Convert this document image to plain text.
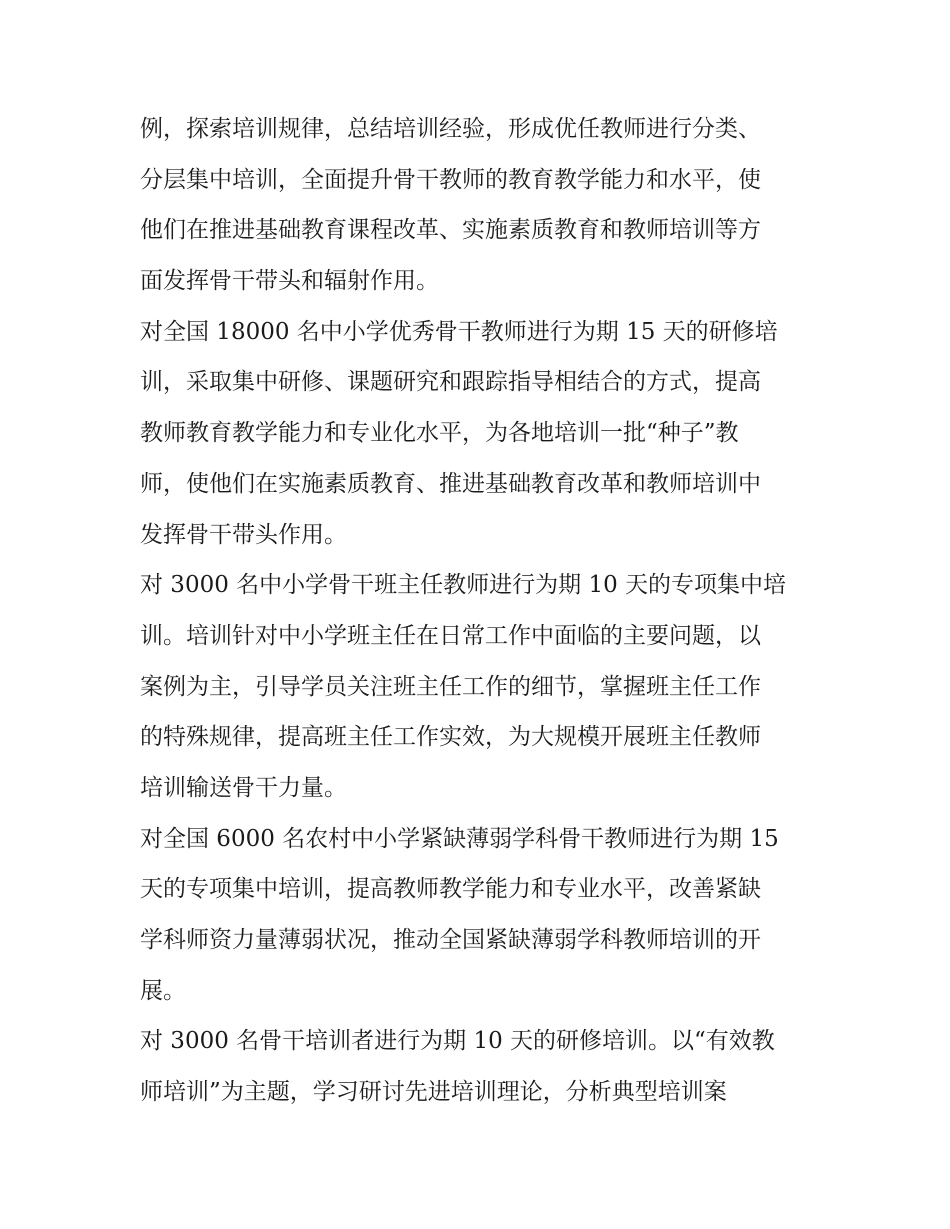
例，探索培训规律，总结培训经验，形成优任教师进行分类、
分层集中培训，全面提升骨干教师的教育教学能力和水平，使
他们在推进基础教育课程改革、实施素质教育和教师培训等方
面发挥骨干带头和辐射作用。

对全国 18000 名中小学优秀骨干教师进行为期 15 天的研修培
训，采取集中研修、课题研究和跟踪指导相结合的方式，提高
教师教育教学能力和专业化水平，为各地培训一批“种子”教
师，使他们在实施素质教育、推进基础教育改革和教师培训中
发挥骨干带头作用。

对 3000 名中小学骨干班主任教师进行为期 10 天的专项集中培
训。培训针对中小学班主任在日常工作中面临的主要问题，以
案例为主，引导学员关注班主任工作的细节，掌握班主任工作
的特殊规律，提高班主任工作实效，为大规模开展班主任教师
培训输送骨干力量。

对全国 6000 名农村中小学紧缺薄弱学科骨干教师进行为期 15
天的专项集中培训，提高教师教学能力和专业水平，改善紧缺
学科师资力量薄弱状况，推动全国紧缺薄弱学科教师培训的开
展。

对 3000 名骨干培训者进行为期 10 天的研修培训。以“有效教
师培训”为主题，学习研讨先进培训理论，分析典型培训案
